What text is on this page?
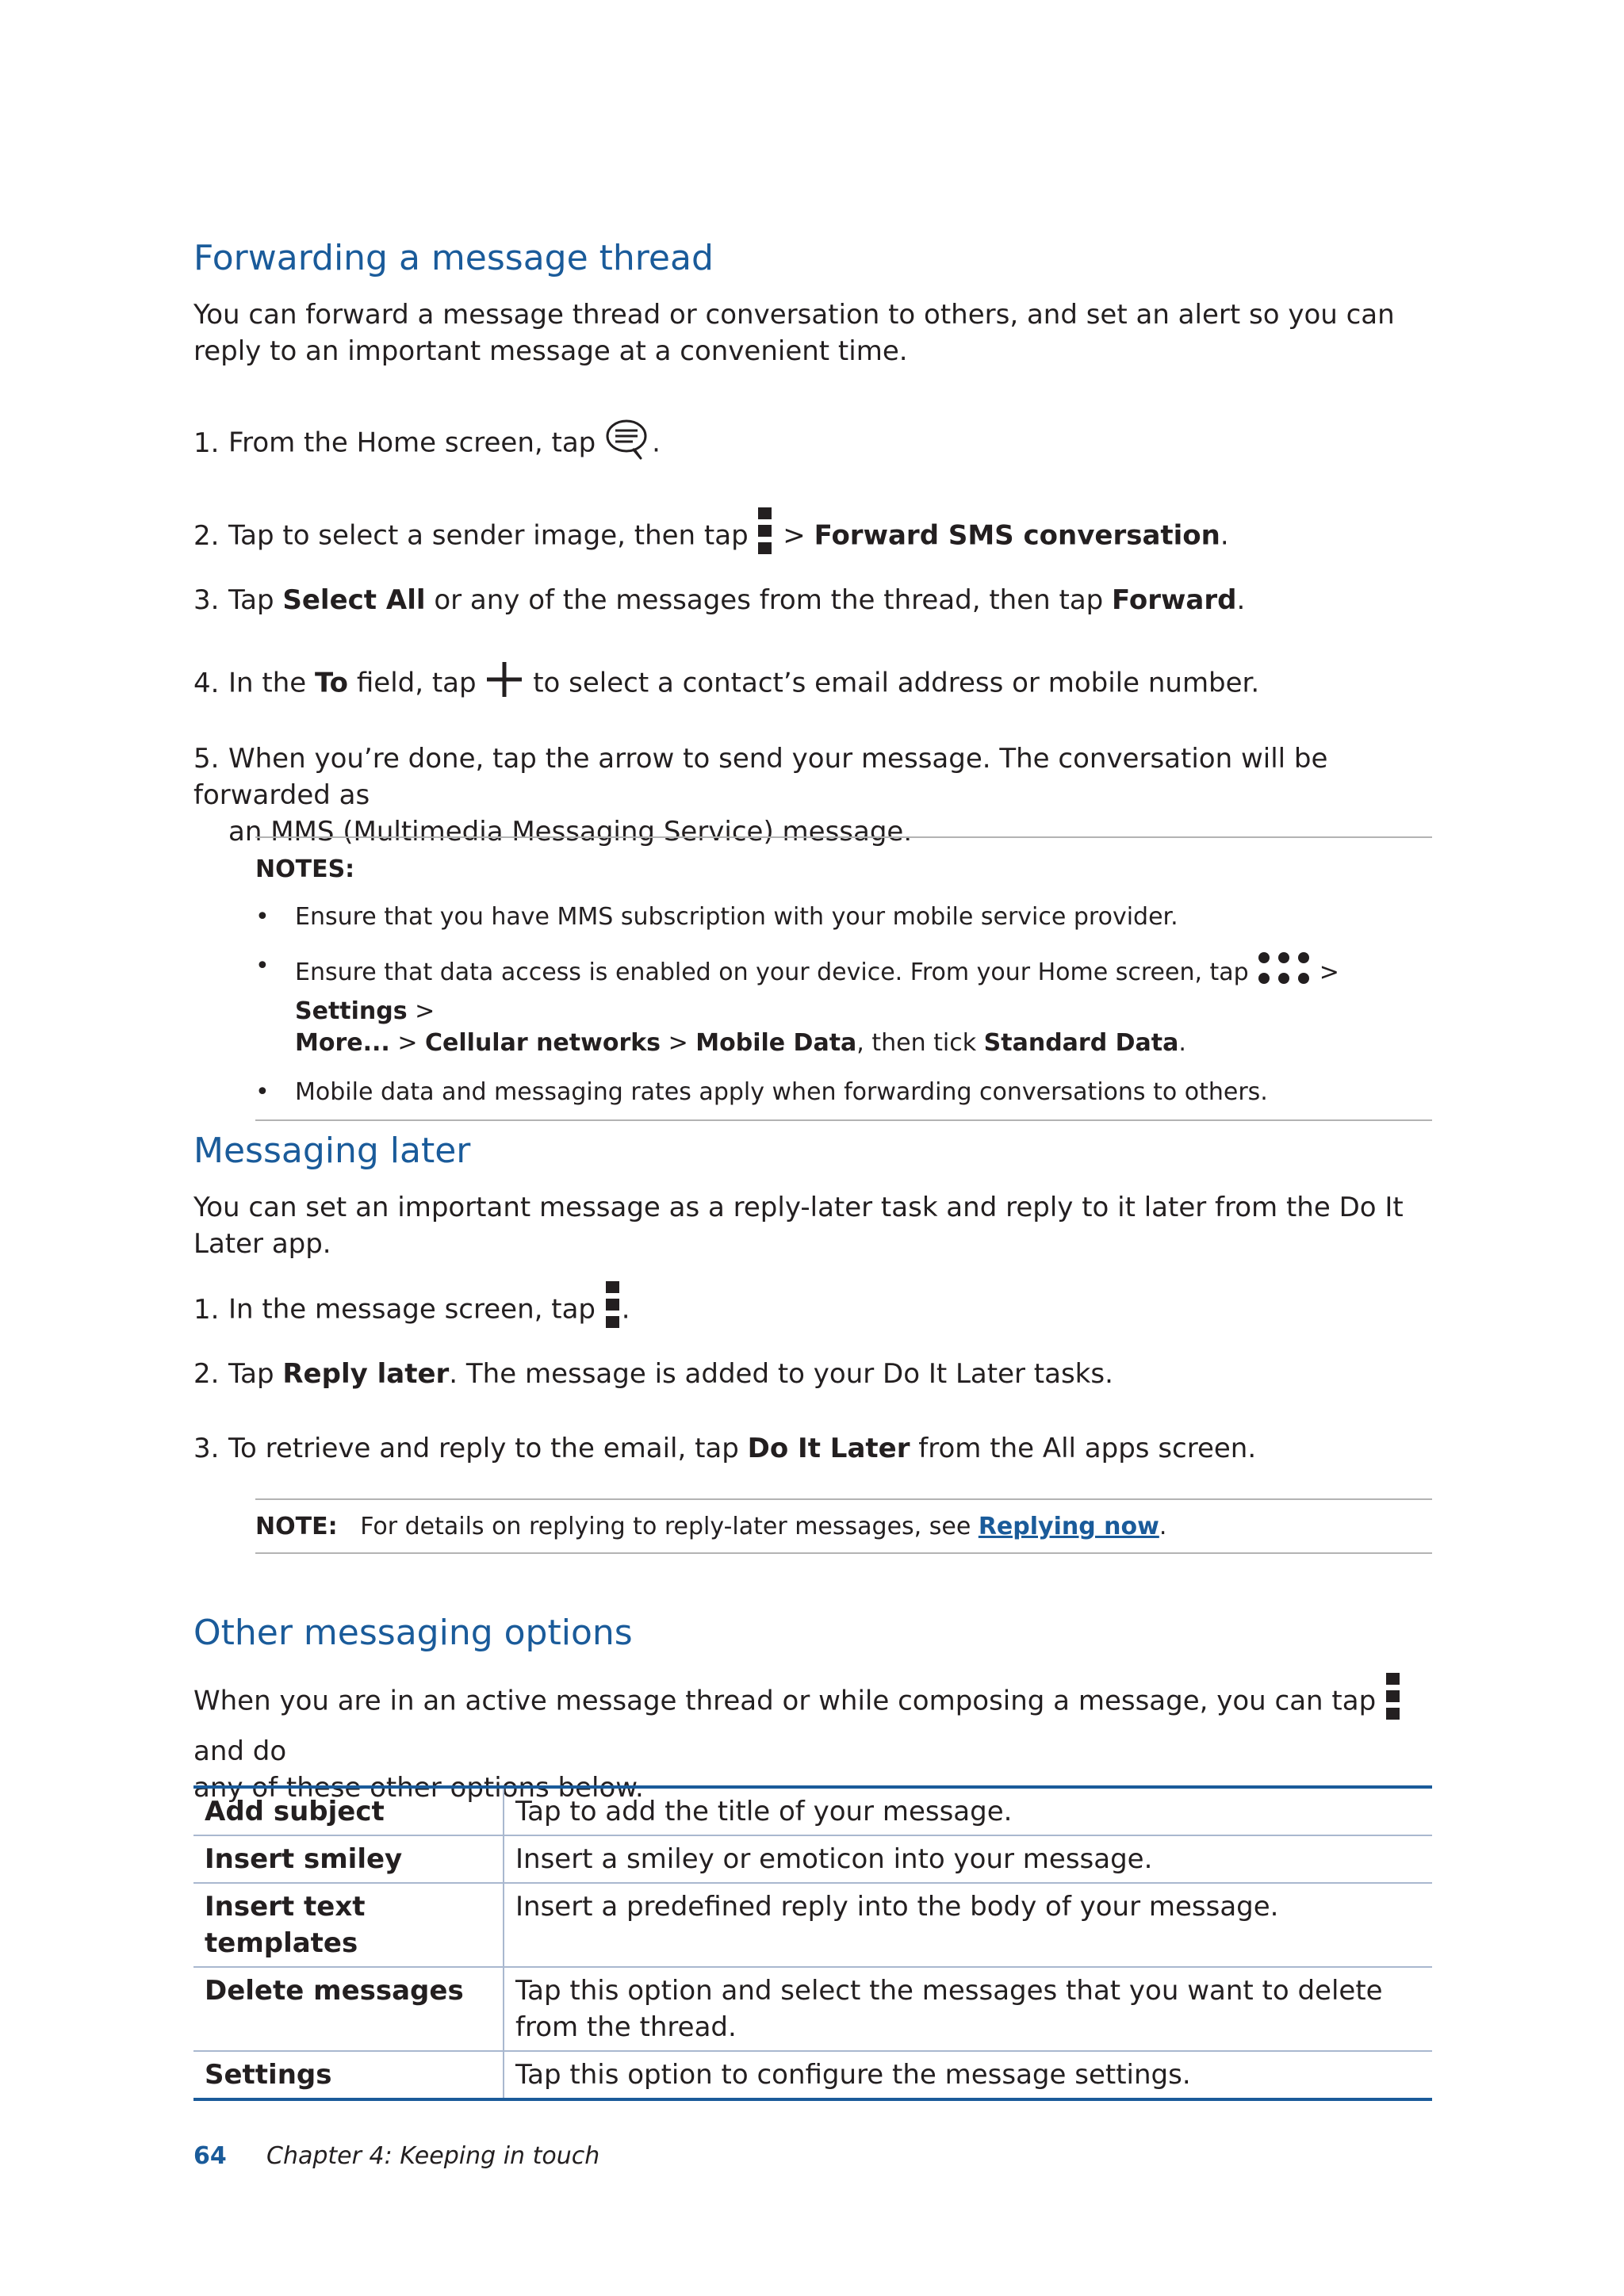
Forwarding a message thread

You can forward a message thread or conversation to others, and set an alert so you can reply to an important message at a convenient time.

1. From the Home screen, tap .
2. Tap to select a sender image, then tap  > Forward SMS conversation.
3. Tap Select All or any of the messages from the thread, then tap Forward.
4. In the To field, tap  to select a contact’s email address or mobile number.
5. When you’re done, tap the arrow to send your message. The conversation will be forwarded as
an MMS (Multimedia Messaging Service) message.
NOTES:
•	Ensure that you have MMS subscription with your mobile service provider.
•	Ensure that data access is enabled on your device. From your Home screen, tap  > Settings >
More... > Cellular networks > Mobile Data, then tick Standard Data.
•	Mobile data and messaging rates apply when forwarding conversations to others.
Messaging later

You can set an important message as a reply-later task and reply to it later from the Do It Later app.

1. In the message screen, tap .
2. Tap Reply later. The message is added to your Do It Later tasks.
3. To retrieve and reply to the email, tap Do It Later from the All apps screen.
NOTE: For details on replying to reply-later messages, see Replying now.
Other messaging options
When you are in an active message thread or while composing a message, you can tap  and do
any of these other options below.
Add subject	Tap to add the title of your message.
Insert smiley	Insert a smiley or emoticon into your message.
Insert text templates	Insert a predefined reply into the body of your message.
Delete messages	Tap this option and select the messages that you want to delete from the thread.
Settings	Tap this option to configure the message settings.
64 Chapter 4: Keeping in touch
